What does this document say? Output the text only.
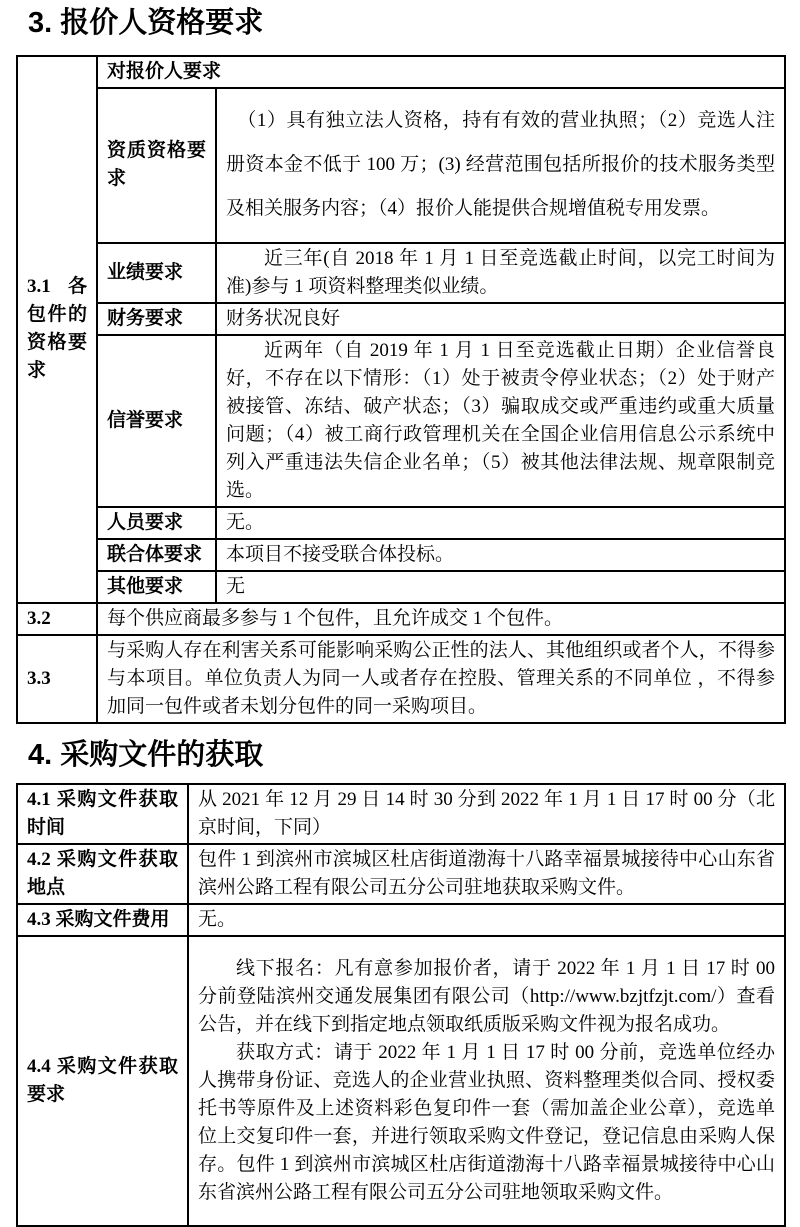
3. 报价人资格要求
3.1 各包件的资格要求	对报价人要求	
	资质资格要求	（1）具有独立法人资格，持有有效的营业执照；（2）竞选人注册资本金不低于 100 万；(3) 经营范围包括所报价的技术服务类型及相关服务内容；（4）报价人能提供合规增值税专用发票。

	业绩要求	近三年(自 2018 年 1 月 1 日至竞选截止时间，以完工时间为准)参与 1 项资料整理类似业绩。

	财务要求	财务状况良好
	信誉要求	近两年（自 2019 年 1 月 1 日至竞选截止日期）企业信誉良好，不存在以下情形：（1）处于被责令停业状态；（2）处于财产被接管、冻结、破产状态；（3）骗取成交或严重违约或重大质量问题；（4）被工商行政管理机关在全国企业信用信息公示系统中列入严重违法失信企业名单；（5）被其他法律法规、规章限制竞选。

	人员要求	无。
	联合体要求	本项目不接受联合体投标。
	其他要求	无
3.2	每个供应商最多参与 1 个包件，且允许成交 1 个包件。	
3.3	与采购人存在利害关系可能影响采购公正性的法人、其他组织或者个人，不得参与本项目。单位负责人为同一人或者存在控股、管理关系的不同单位 ，不得参加同一包件或者未划分包件的同一采购项目。	
4. 采购文件的获取
4.1 采购文件获取时间	从 2021 年 12 月 29 日 14 时 30 分到 2022 年 1 月 1 日 17 时 00 分（北京时间，下同）
4.2 采购文件获取地点	包件 1 到滨州市滨城区杜店街道渤海十八路幸福景城接待中心山东省滨州公路工程有限公司五分公司驻地获取采购文件。
4.3 采购文件费用	无。
4.4 采购文件获取要求	线下报名：凡有意参加报价者，请于 2022 年 1 月 1 日 17 时 00 分前登陆滨州交通发展集团有限公司（http://www.bzjtfzjt.com/）查看公告，并在线下到指定地点领取纸质版采购文件视为报名成功。

获取方式：请于 2022 年 1 月 1 日 17 时 00 分前，竞选单位经办人携带身份证、竞选人的企业营业执照、资料整理类似合同、授权委托书等原件及上述资料彩色复印件一套（需加盖企业公章），竞选单位上交复印件一套，并进行领取采购文件登记，登记信息由采购人保存。包件 1 到滨州市滨城区杜店街道渤海十八路幸福景城接待中心山东省滨州公路工程有限公司五分公司驻地领取采购文件。
